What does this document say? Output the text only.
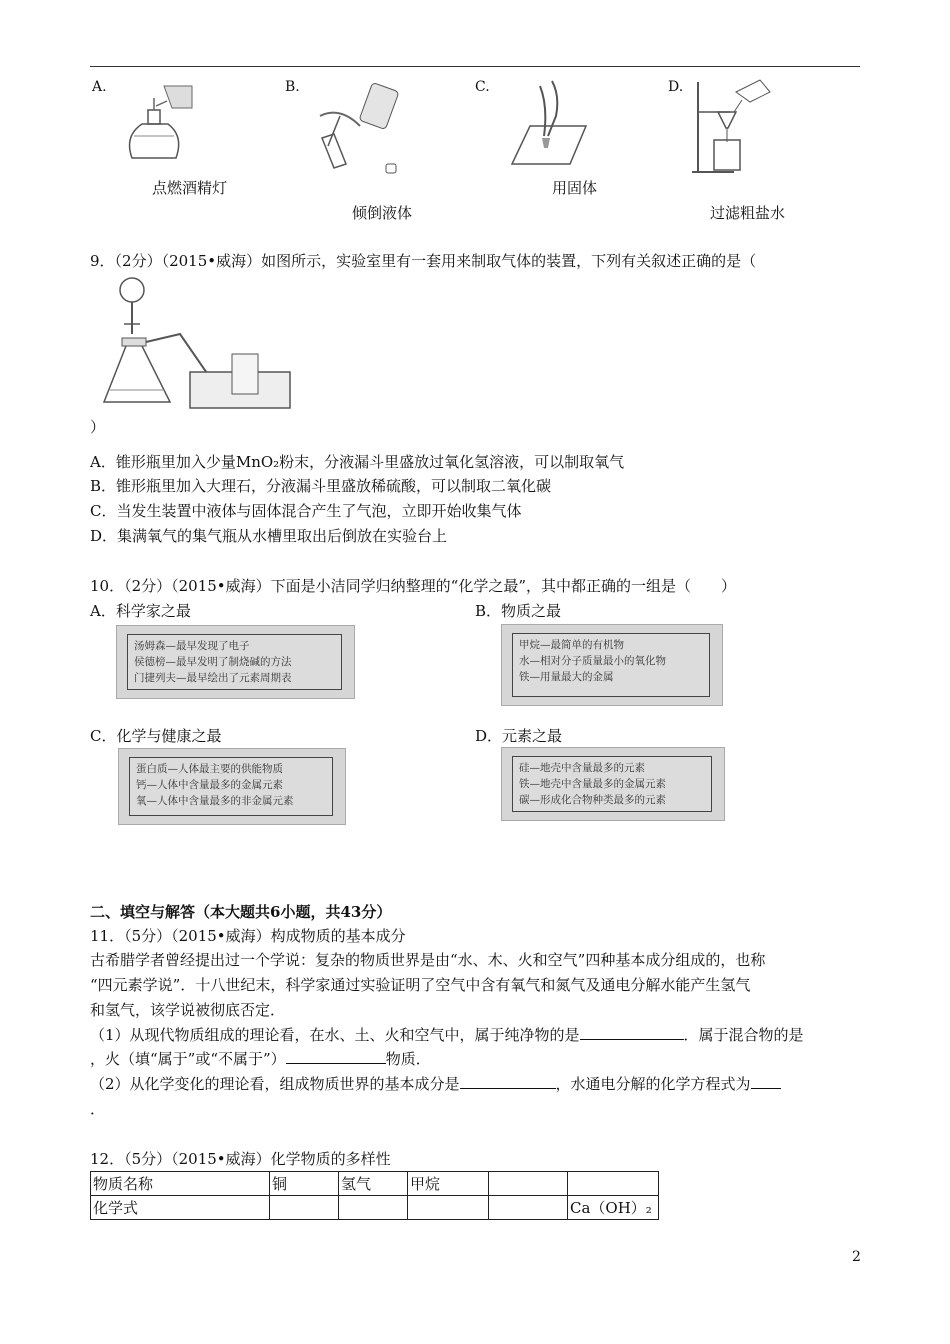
A.
点燃酒精灯
B.
倾倒液体
C.
用固体
D.
过滤粗盐水
9．（2分）（2015•威海）如图所示，实验室里有一套用来制取气体的装置，下列有关叙述正确的是（
）
A．锥形瓶里加入少量MnO₂粉末，分液漏斗里盛放过氧化氢溶液，可以制取氧气
B．锥形瓶里加入大理石，分液漏斗里盛放稀硫酸，可以制取二氧化碳
C．当发生装置中液体与固体混合产生了气泡，立即开始收集气体
D．集满氧气的集气瓶从水槽里取出后倒放在实验台上
10．（2分）（2015•威海）下面是小洁同学归纳整理的“化学之最”，其中都正确的一组是（　　）
A．科学家之最	B．物质之最
汤姆森—最早发现了电子
侯德榜—最早发明了制烧碱的方法
门捷列夫—最早绘出了元素周期表
甲烷—最简单的有机物
水—相对分子质量最小的氧化物
铁—用量最大的金属
C．化学与健康之最	D．元素之最
蛋白质—人体最主要的供能物质
钙—人体中含量最多的金属元素
氧—人体中含量最多的非金属元素
硅—地壳中含量最多的元素
铁—地壳中含量最多的金属元素
碳—形成化合物种类最多的元素
二、填空与解答（本大题共6小题，共43分）
11．（5分）（2015•威海）构成物质的基本成分
古希腊学者曾经提出过一个学说：复杂的物质世界是由“水、木、火和空气”四种基本成分组成的，也称
“四元素学说”．十八世纪末，科学家通过实验证明了空气中含有氧气和氮气及通电分解水能产生氢气
和氢气，该学说被彻底否定．
（1）从现代物质组成的理论看，在水、土、火和空气中，属于纯净物的是	．属于混合物的是
，火（填“属于”或“不属于”）	物质．
（2）从化学变化的理论看，组成物质世界的基本成分是	，水通电分解的化学方程式为
．
12．（5分）（2015•威海）化学物质的多样性
物质名称	铜	氢气	甲烷		
化学式					Ca（OH）₂
2
